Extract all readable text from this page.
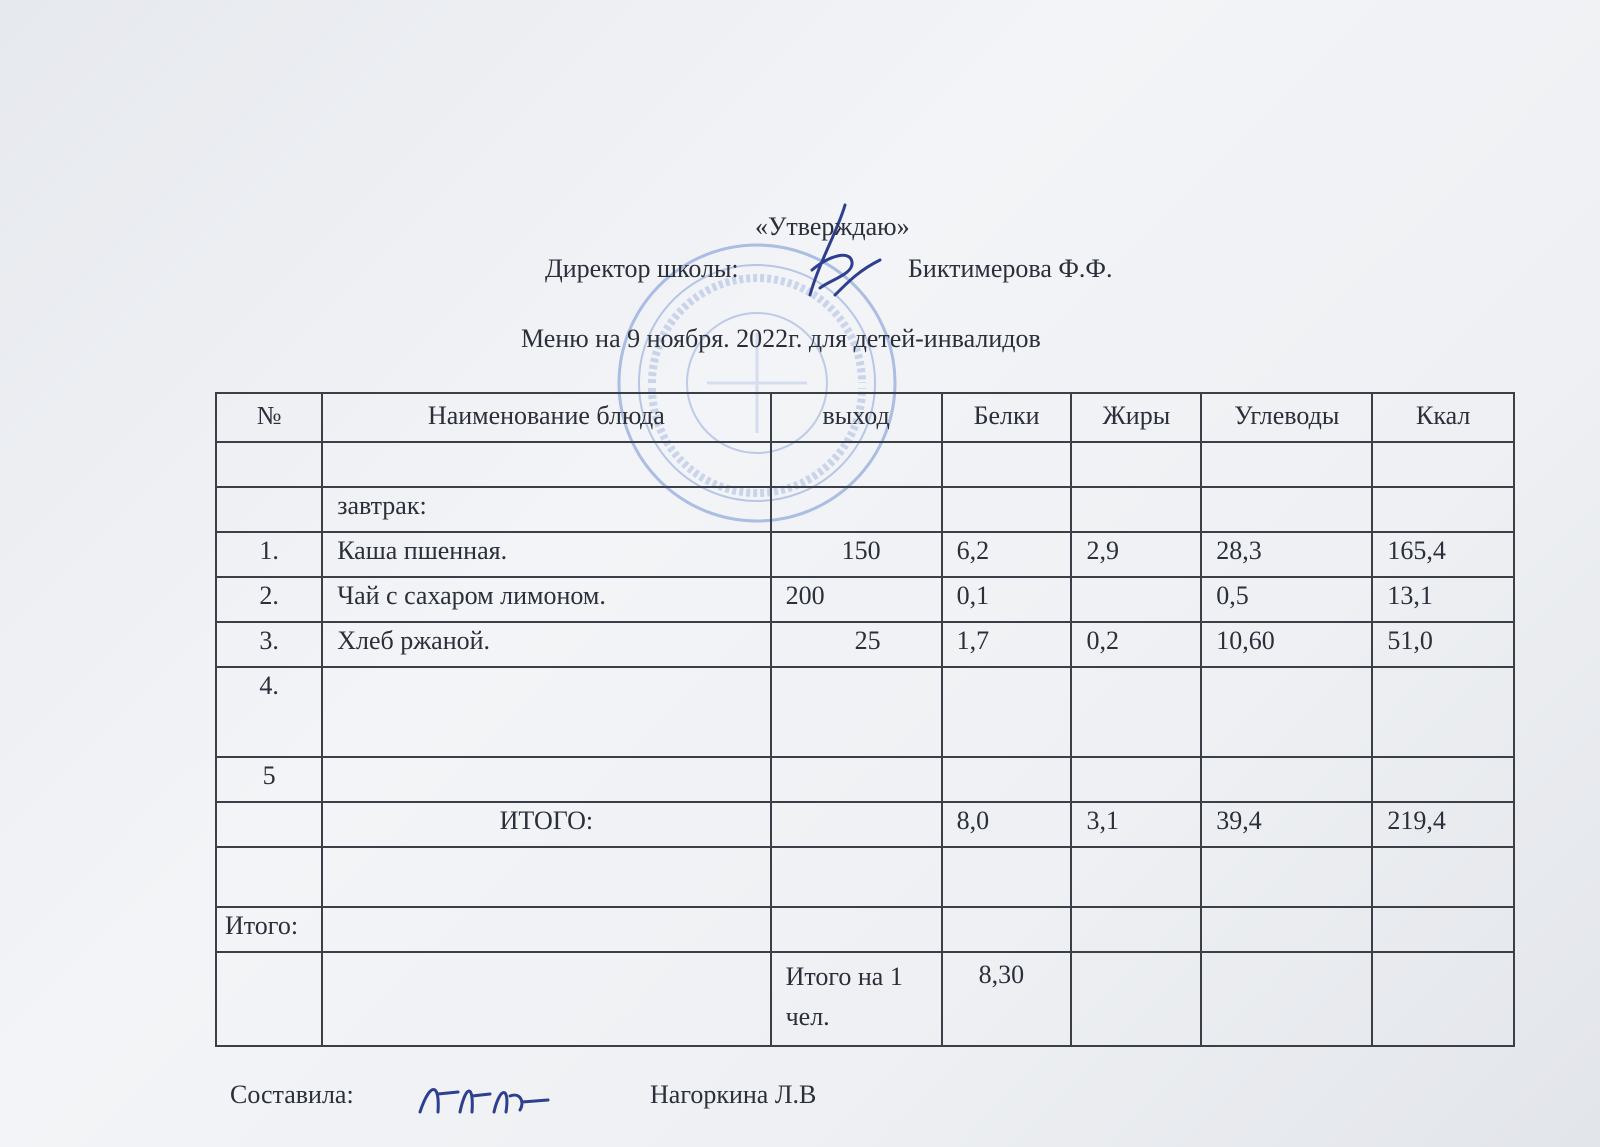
«Утверждаю»
Директор школы:	Биктимерова Ф.Ф.
Меню на 9 ноября. 2022г. для детей-инвалидов
№	Наименование блюда	выход	Белки	Жиры	Углеводы	Ккал

	завтрак:					
1.	Каша пшенная.	150	6,2	2,9	28,3	165,4
2.	Чай с сахаром лимоном.	200	0,1		0,5	13,1
3.	Хлеб ржаной.	25	1,7	0,2	10,60	51,0
4.						
5						
	ИТОГО:		8,0	3,1	39,4	219,4

Итого:						
		Итого на 1 чел.	8,30			
Составила:	Нагоркина Л.В
